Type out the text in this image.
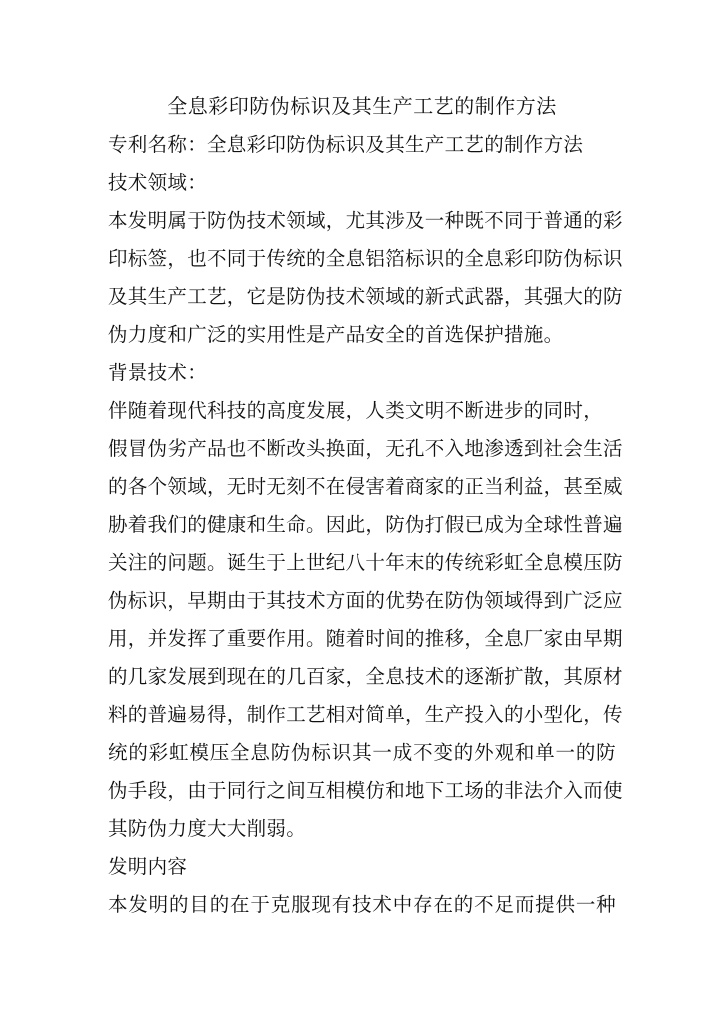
全息彩印防伪标识及其生产工艺的制作方法

专利名称：全息彩印防伪标识及其生产工艺的制作方法

技术领域：

本发明属于防伪技术领域，尤其涉及一种既不同于普通的彩

印标签，也不同于传统的全息铝箔标识的全息彩印防伪标识

及其生产工艺，它是防伪技术领域的新式武器，其强大的防

伪力度和广泛的实用性是产品安全的首选保护措施。

背景技术：

伴随着现代科技的高度发展，人类文明不断进步的同时，

假冒伪劣产品也不断改头换面，无孔不入地渗透到社会生活

的各个领域，无时无刻不在侵害着商家的正当利益，甚至威

胁着我们的健康和生命。因此，防伪打假已成为全球性普遍

关注的问题。诞生于上世纪八十年末的传统彩虹全息模压防

伪标识，早期由于其技术方面的优势在防伪领域得到广泛应

用，并发挥了重要作用。随着时间的推移，全息厂家由早期

的几家发展到现在的几百家，全息技术的逐渐扩散，其原材

料的普遍易得，制作工艺相对简单，生产投入的小型化，传

统的彩虹模压全息防伪标识其一成不变的外观和单一的防

伪手段，由于同行之间互相模仿和地下工场的非法介入而使

其防伪力度大大削弱。

发明内容

本发明的目的在于克服现有技术中存在的不足而提供一种
